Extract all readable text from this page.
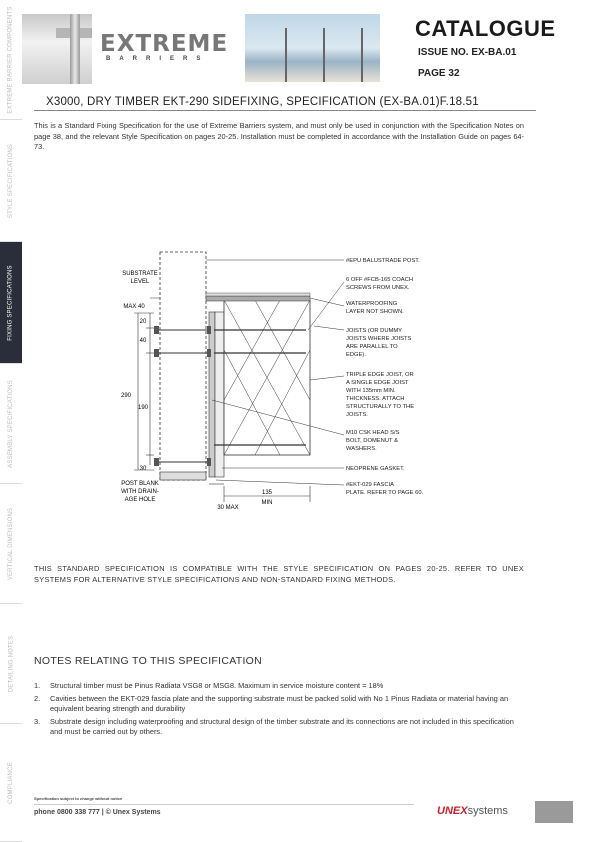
EXTREME BARRIER COMPONENTS
STYLE SPECIFICATIONS
FIXING SPECIFICATIONS
ASSEMBLY SPECIFICATIONS
VERTICAL DIMENSIONS
DETAILING NOTES
COMPLIANCE
EXTREME
BARRIERS
CATALOGUE
ISSUE NO. EX-BA.01
PAGE 32
X3000, DRY TIMBER EKT-290 SIDEFIXING, SPECIFICATION (EX-BA.01)F.18.51
This is a Standard Fixing Specification for the use of Extreme Barriers system, and must only be used in conjunction with the Specification Notes on page 38, and the relevant Style Specification on pages 20-25. Installation must be completed in accordance with the Installation Guide on pages 64-73.
SUBSTRATE
LEVEL
MAX 40
20
40
290
190
30
POST BLANK
WITH DRAIN-
AGE HOLE
135
MIN
30 MAX
#EPU BALUSTRADE POST.
6 OFF #FCB-165 COACH SCREWS FROM UNEX.
WATERPROOFING LAYER NOT SHOWN.
JOISTS (OR DUMMY JOISTS WHERE JOISTS ARE PARALLEL TO EDGE).
TRIPLE EDGE JOIST, OR A SINGLE EDGE JOIST WITH 135mm MIN. THICKNESS. ATTACH STRUCTURALLY TO THE JOISTS.
M10 CSK HEAD S/S BOLT, DOMENUT & WASHERS.
NEOPRENE GASKET.
#EKT-029 FASCIA PLATE. REFER TO PAGE 60.
THIS STANDARD SPECIFICATION IS COMPATIBLE WITH THE STYLE SPECIFICATION ON PAGES 20-25. REFER TO UNEX SYSTEMS FOR ALTERNATIVE STYLE SPECIFICATIONS AND NON-STANDARD FIXING METHODS.
NOTES RELATING TO THIS SPECIFICATION
1. Structural timber must be Pinus Radiata VSG8 or MSG8. Maximum in service moisture content = 18%
2. Cavities between the EKT-029 fascia plate and the supporting substrate must be packed solid with No 1 Pinus Radiata or material having an equivalent bearing strength and durability
3. Substrate design including waterproofing and structural design of the timber substrate and its connections are not included in this specification and must be carried out by others.
Specification subject to change without notice
phone 0800 338 777 | © Unex Systems	UNEXsystems
